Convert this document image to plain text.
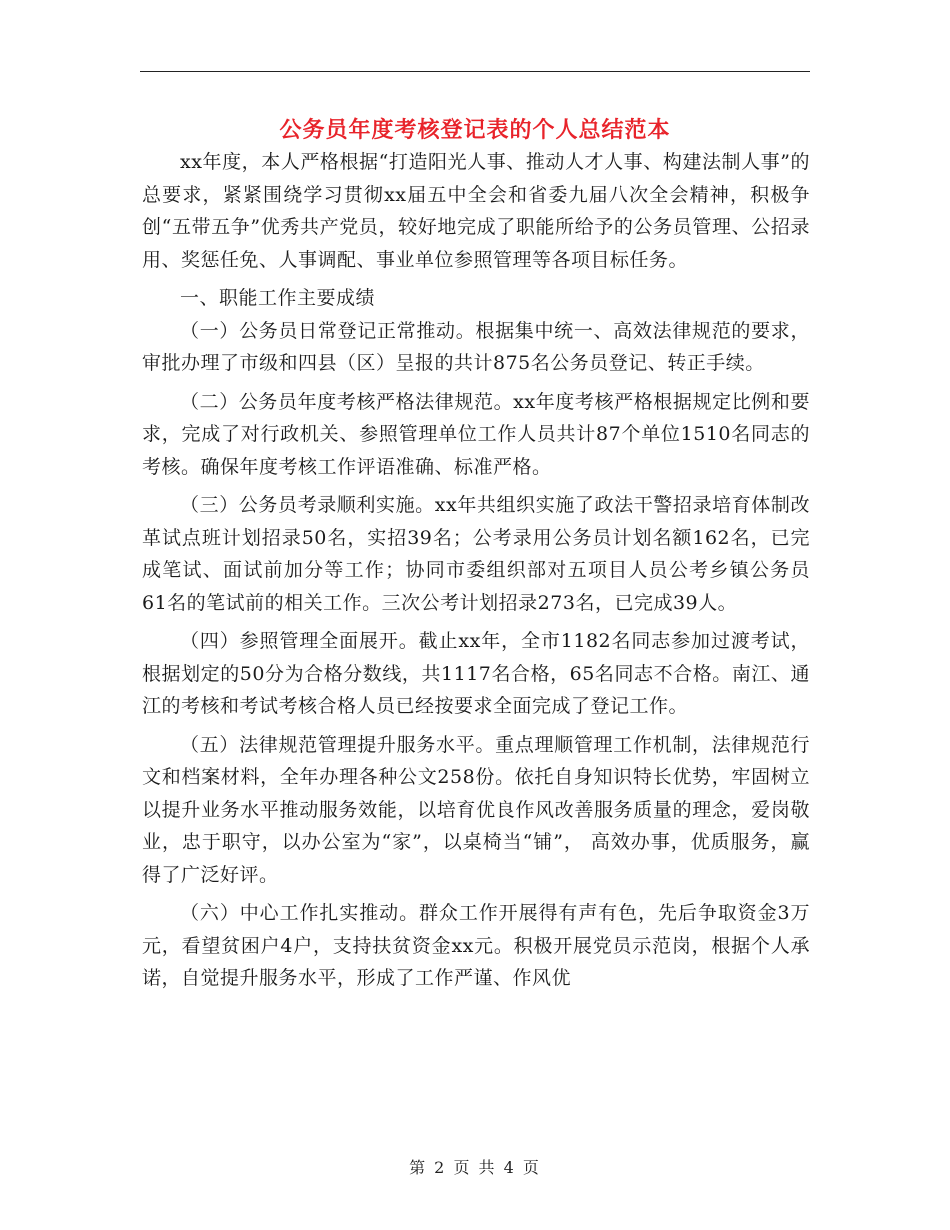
公务员年度考核登记表的个人总结范本

xx年度，本人严格根据“打造阳光人事、推动人才人事、构建法制人事”的总要求，紧紧围绕学习贯彻xx届五中全会和省委九届八次全会精神，积极争创“五带五争”优秀共产党员，较好地完成了职能所给予的公务员管理、公招录用、奖惩任免、人事调配、事业单位参照管理等各项目标任务。

一、职能工作主要成绩

（一）公务员日常登记正常推动。根据集中统一、高效法律规范的要求，审批办理了市级和四县（区）呈报的共计875名公务员登记、转正手续。

（二）公务员年度考核严格法律规范。xx年度考核严格根据规定比例和要求，完成了对行政机关、参照管理单位工作人员共计87个单位1510名同志的考核。确保年度考核工作评语准确、标准严格。

（三）公务员考录顺利实施。xx年共组织实施了政法干警招录培育体制改革试点班计划招录50名，实招39名；公考录用公务员计划名额162名，已完成笔试、面试前加分等工作；协同市委组织部对五项目人员公考乡镇公务员61名的笔试前的相关工作。三次公考计划招录273名，已完成39人。

（四）参照管理全面展开。截止xx年，全市1182名同志参加过渡考试，根据划定的50分为合格分数线，共1117名合格，65名同志不合格。南江、通江的考核和考试考核合格人员已经按要求全面完成了登记工作。

（五）法律规范管理提升服务水平。重点理顺管理工作机制，法律规范行文和档案材料，全年办理各种公文258份。依托自身知识特长优势，牢固树立以提升业务水平推动服务效能，以培育优良作风改善服务质量的理念，爱岗敬业，忠于职守，以办公室为“家”，以桌椅当“铺”， 高效办事，优质服务，赢得了广泛好评。

（六）中心工作扎实推动。群众工作开展得有声有色，先后争取资金3万元，看望贫困户4户，支持扶贫资金xx元。积极开展党员示范岗，根据个人承诺，自觉提升服务水平，形成了工作严谨、作风优

第 2 页 共 4 页
